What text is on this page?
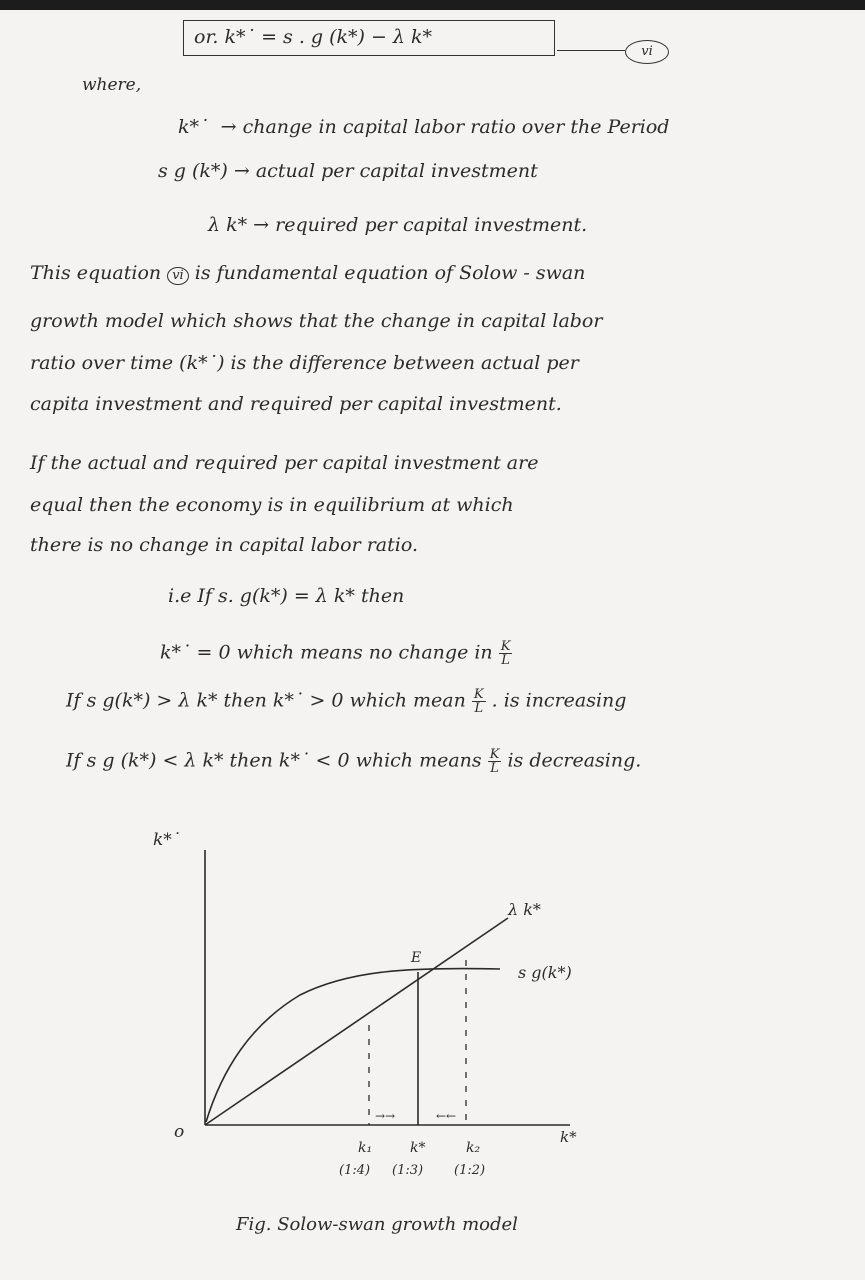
or. k*˙ = s . g (k*) − λ k*
vi
where,
k*˙ → change in capital labor ratio over the Period
s g (k*) → actual per capital investment
λ k* → required per capital investment.
This equation vi is fundamental equation of Solow - swan
growth model which shows that the change in capital labor
ratio over time (k*˙) is the difference between actual per
capita investment and required per capital investment.
If the actual and required per capital investment are
equal then the economy is in equilibrium at which
there is no change in capital labor ratio.
i.e If s. g(k*) = λ k* then
k*˙ = 0 which means no change in $\frac{K}{L}$
If s g(k*) > λ k* then k*˙ > 0 which mean $\frac{K}{L}$ . is increasing
If s g (k*) < λ k* then k*˙ < 0 which means $\frac{K}{L}$ is decreasing.
k*˙
k*
o
λ k*
s g(k*)
E
→→	←←
k₁	k*	k₂
(1:4) (1:3) (1:2)
Fig. Solow-swan growth model
